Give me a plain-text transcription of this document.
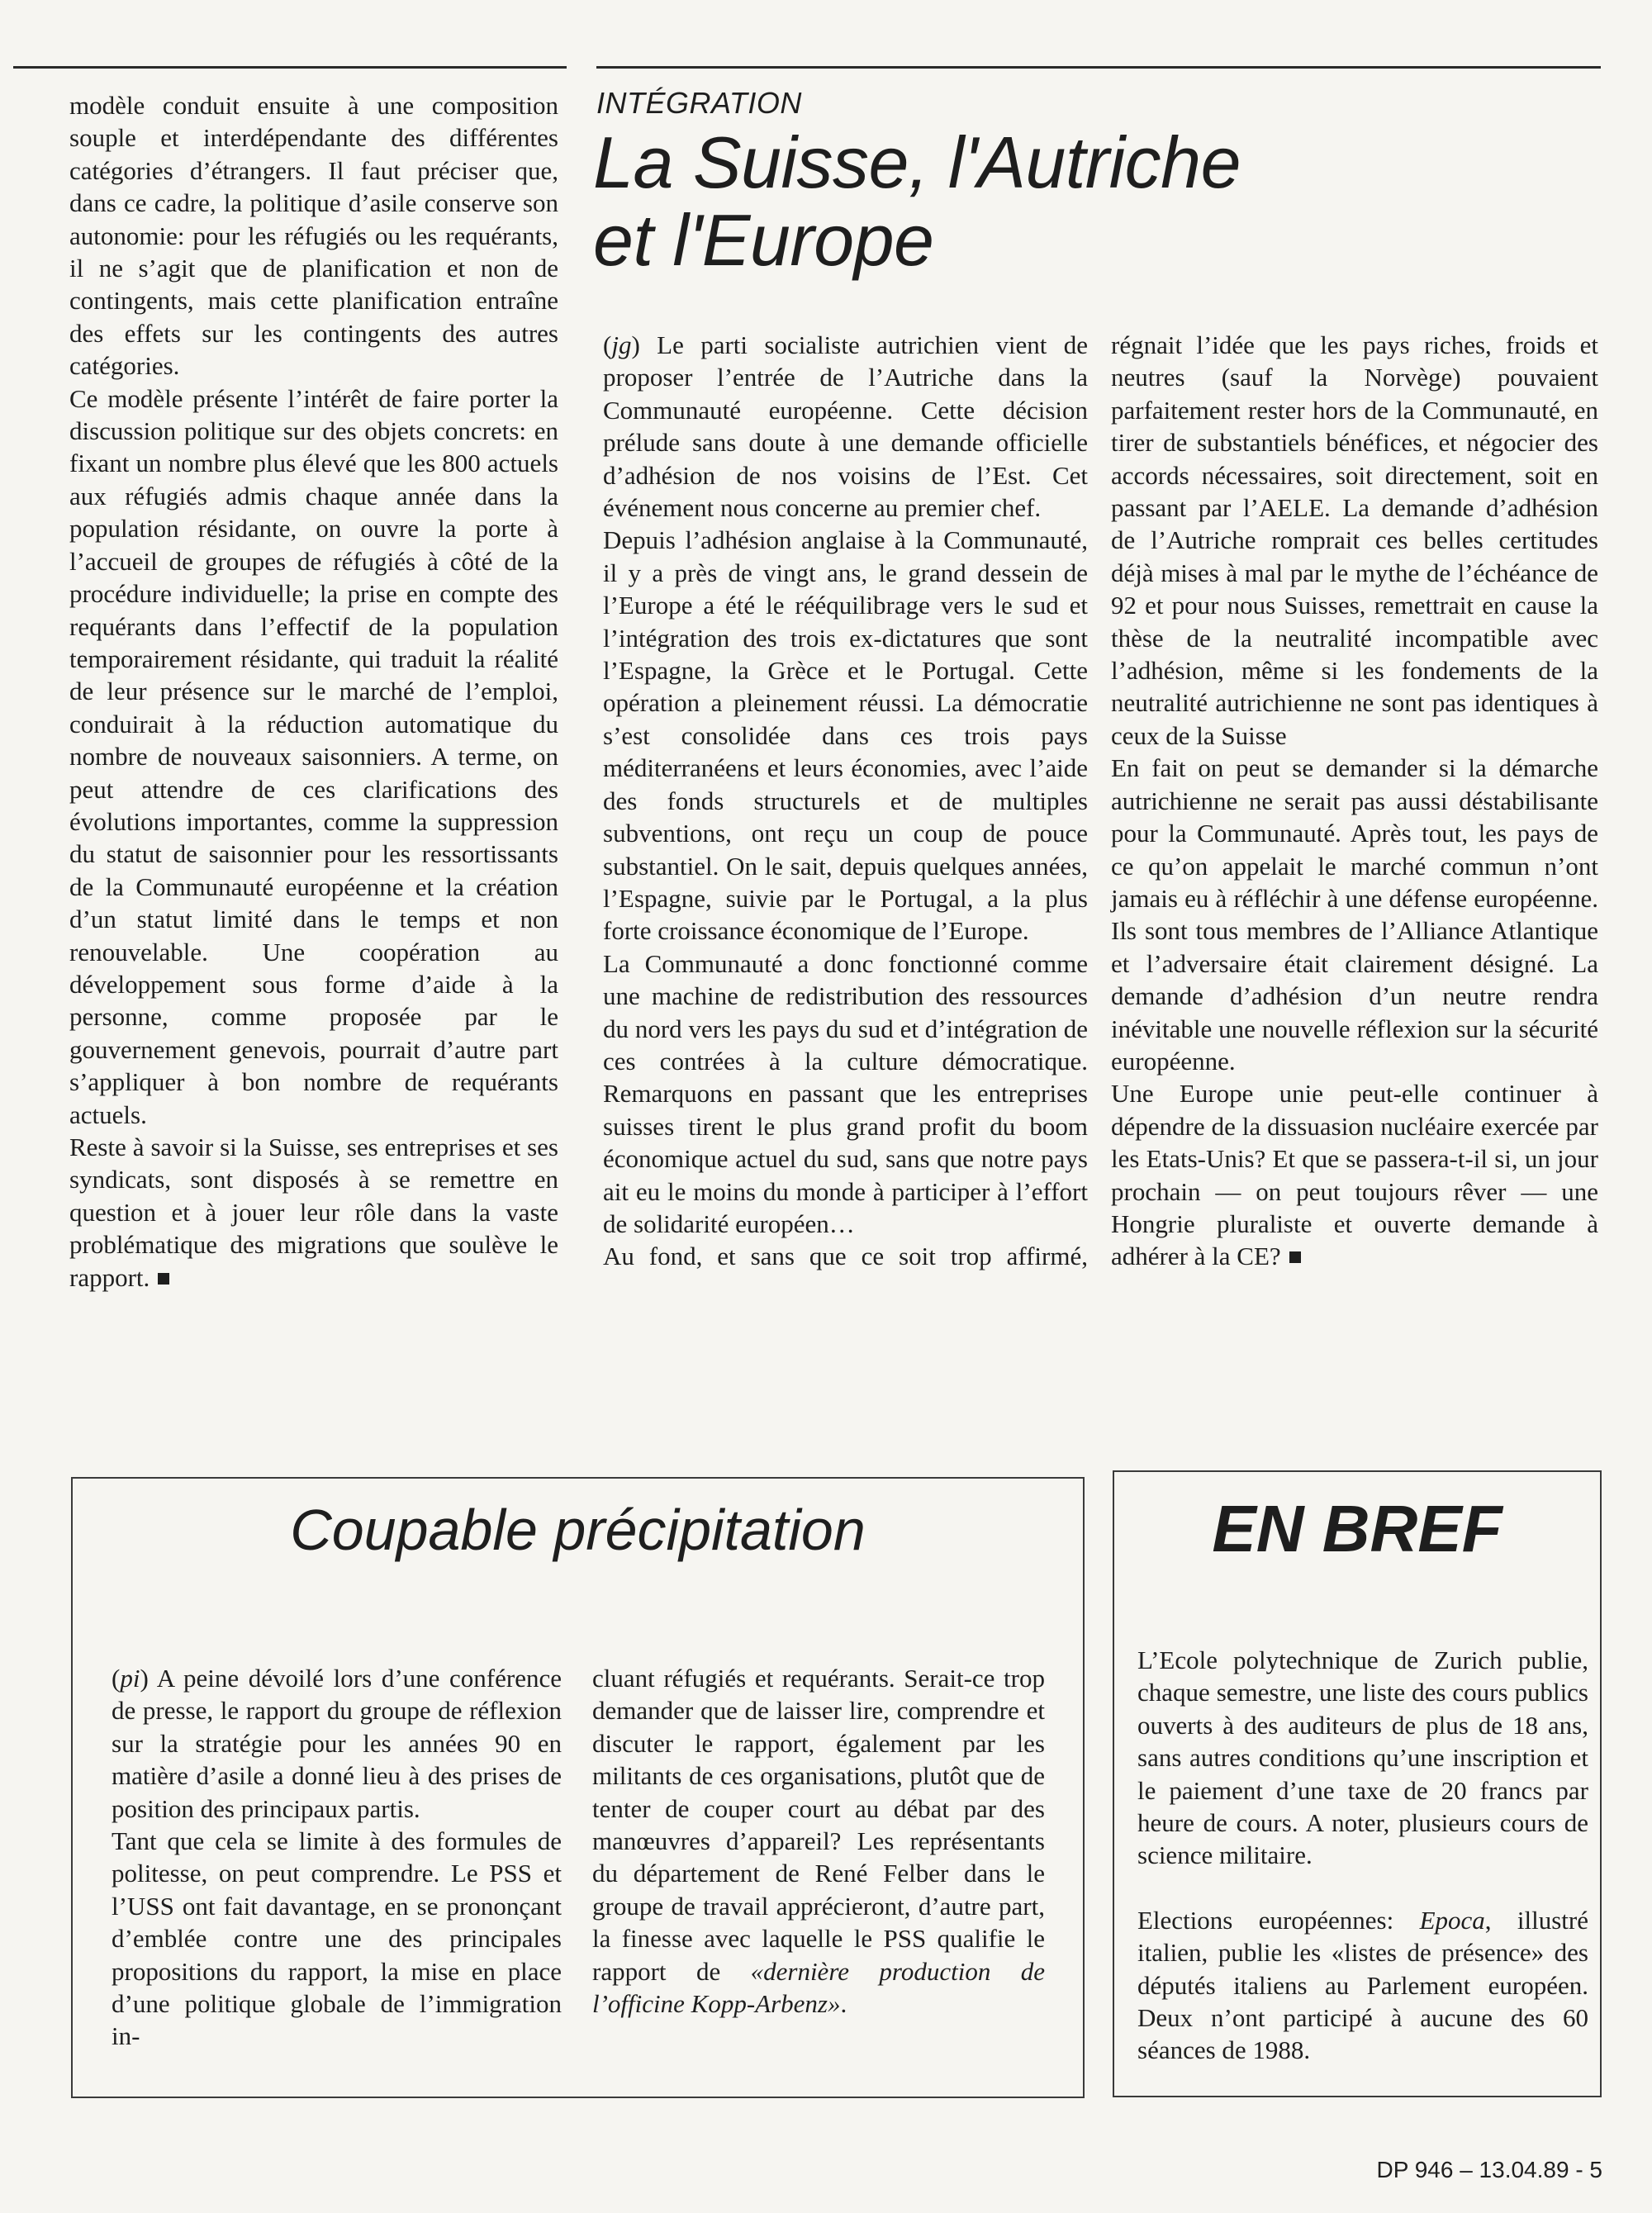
modèle conduit ensuite à une composition souple et interdépendante des différentes catégories d’étrangers. Il faut préciser que, dans ce cadre, la politique d’asile conserve son autonomie: pour les réfugiés ou les requérants, il ne s’agit que de planification et non de contingents, mais cette planification entraîne des effets sur les contingents des autres catégories.

Ce modèle présente l’intérêt de faire porter la discussion politique sur des objets concrets: en fixant un nombre plus élevé que les 800 actuels aux réfugiés admis chaque année dans la population résidante, on ouvre la porte à l’accueil de groupes de réfugiés à côté de la procédure individuelle; la prise en compte des requérants dans l’effectif de la population temporairement résidante, qui traduit la réalité de leur présence sur le marché de l’emploi, conduirait à la réduction automatique du nombre de nouveaux saisonniers. A terme, on peut attendre de ces clarifications des évolutions importantes, comme la suppression du statut de saisonnier pour les ressortissants de la Communauté européenne et la création d’un statut limité dans le temps et non renouvelable. Une coopération au développement sous forme d’aide à la personne, comme proposée par le gouvernement genevois, pourrait d’autre part s’appliquer à bon nombre de requérants actuels.

Reste à savoir si la Suisse, ses entreprises et ses syndicats, sont disposés à se remettre en question et à jouer leur rôle dans la vaste problématique des migrations que soulève le rapport.

INTÉGRATION
La Suisse, l'Autriche
et l'Europe

(jg) Le parti socialiste autrichien vient de proposer l’entrée de l’Autriche dans la Communauté européenne. Cette décision prélude sans doute à une demande officielle d’adhésion de nos voisins de l’Est. Cet événement nous concerne au premier chef.

Depuis l’adhésion anglaise à la Communauté, il y a près de vingt ans, le grand dessein de l’Europe a été le rééquilibrage vers le sud et l’intégration des trois ex-dictatures que sont l’Espagne, la Grèce et le Portugal. Cette opération a pleinement réussi. La démocratie s’est consolidée dans ces trois pays méditerranéens et leurs économies, avec l’aide des fonds structurels et de multiples subventions, ont reçu un coup de pouce substantiel. On le sait, depuis quelques années, l’Espagne, suivie par le Portugal, a la plus forte croissance économique de l’Europe.

La Communauté a donc fonctionné comme une machine de redistribution des ressources du nord vers les pays du sud et d’intégration de ces contrées à la culture démocratique. Remarquons en passant que les entreprises suisses tirent le plus grand profit du boom économique actuel du sud, sans que notre pays ait eu le moins du monde à participer à l’effort de solidarité européen…

Au fond, et sans que ce soit trop affirmé,

régnait l’idée que les pays riches, froids et neutres (sauf la Norvège) pouvaient parfaitement rester hors de la Communauté, en tirer de substantiels bénéfices, et négocier des accords nécessaires, soit directement, soit en passant par l’AELE. La demande d’adhésion de l’Autriche romprait ces belles certitudes déjà mises à mal par le mythe de l’échéance de 92 et pour nous Suisses, remettrait en cause la thèse de la neutralité incompatible avec l’adhésion, même si les fondements de la neutralité autrichienne ne sont pas identiques à ceux de la Suisse

En fait on peut se demander si la démarche autrichienne ne serait pas aussi déstabilisante pour la Communauté. Après tout, les pays de ce qu’on appelait le marché commun n’ont jamais eu à réfléchir à une défense européenne. Ils sont tous membres de l’Alliance Atlantique et l’adversaire était clairement désigné. La demande d’adhésion d’un neutre rendra inévitable une nouvelle réflexion sur la sécurité européenne.

Une Europe unie peut-elle continuer à dépendre de la dissuasion nucléaire exercée par les Etats-Unis? Et que se passera-t-il si, un jour prochain — on peut toujours rêver — une Hongrie pluraliste et ouverte demande à adhérer à la CE?

Coupable précipitation

(pi) A peine dévoilé lors d’une conférence de presse, le rapport du groupe de réflexion sur la stratégie pour les années 90 en matière d’asile a donné lieu à des prises de position des principaux partis.

Tant que cela se limite à des formules de politesse, on peut comprendre. Le PSS et l’USS ont fait davantage, en se prononçant d’emblée contre une des principales propositions du rapport, la mise en place d’une politique globale de l’immigration in-

cluant réfugiés et requérants. Serait-ce trop demander que de laisser lire, comprendre et discuter le rapport, également par les militants de ces organisations, plutôt que de tenter de couper court au débat par des manœuvres d’appareil? Les représentants du département de René Felber dans le groupe de travail apprécieront, d’autre part, la finesse avec laquelle le PSS qualifie le rapport de «dernière production de l’officine Kopp-Arbenz».

EN BREF

L’Ecole polytechnique de Zurich publie, chaque semestre, une liste des cours publics ouverts à des auditeurs de plus de 18 ans, sans autres conditions qu’une inscription et le paiement d’une taxe de 20 francs par heure de cours. A noter, plusieurs cours de science militaire.

Elections européennes: Epoca, illustré italien, publie les «listes de présence» des députés italiens au Parlement européen. Deux n’ont participé à aucune des 60 séances de 1988.

DP 946 – 13.04.89 - 5
